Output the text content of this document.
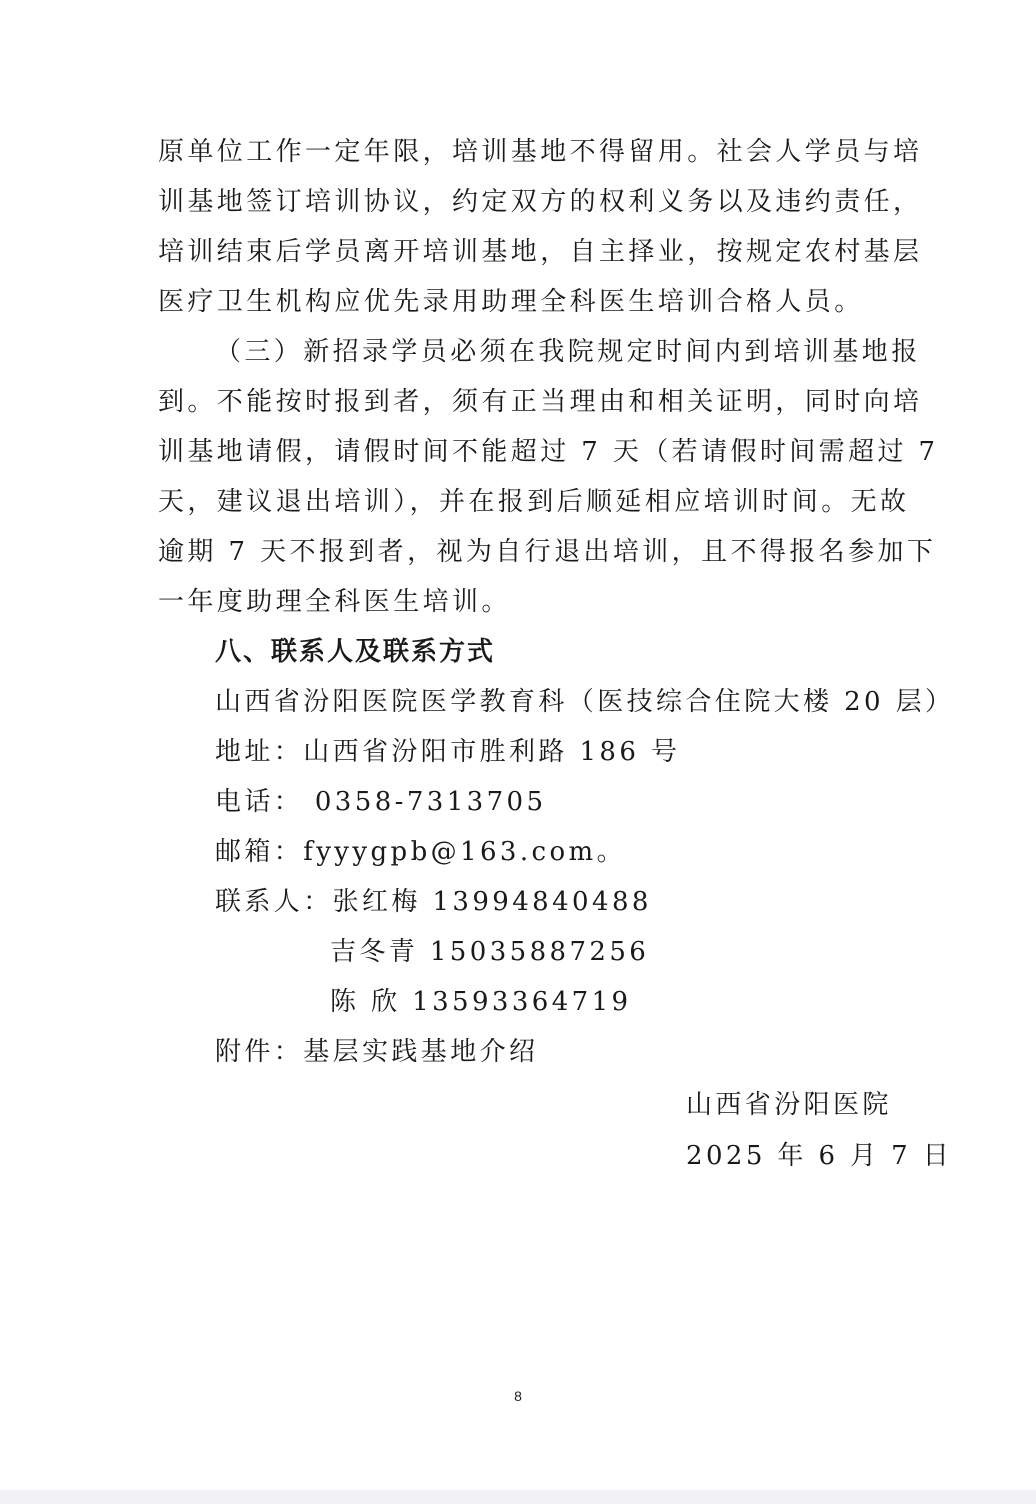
原单位工作一定年限，培训基地不得留用。社会人学员与培
训基地签订培训协议，约定双方的权利义务以及违约责任，
培训结束后学员离开培训基地，自主择业，按规定农村基层
医疗卫生机构应优先录用助理全科医生培训合格人员。
（三）新招录学员必须在我院规定时间内到培训基地报
到。不能按时报到者，须有正当理由和相关证明，同时向培
训基地请假，请假时间不能超过 7 天（若请假时间需超过 7
天，建议退出培训），并在报到后顺延相应培训时间。无故
逾期 7 天不报到者，视为自行退出培训，且不得报名参加下
一年度助理全科医生培训。
八、联系人及联系方式
山西省汾阳医院医学教育科（医技综合住院大楼 20 层）
地址：山西省汾阳市胜利路 186 号
电话： 0358-7313705
邮箱：fyyygpb@163.com。
联系人：张红梅 13994840488
吉冬青 15035887256
陈 欣 13593364719
附件：基层实践基地介绍
山西省汾阳医院
2025 年 6 月 7 日
8
